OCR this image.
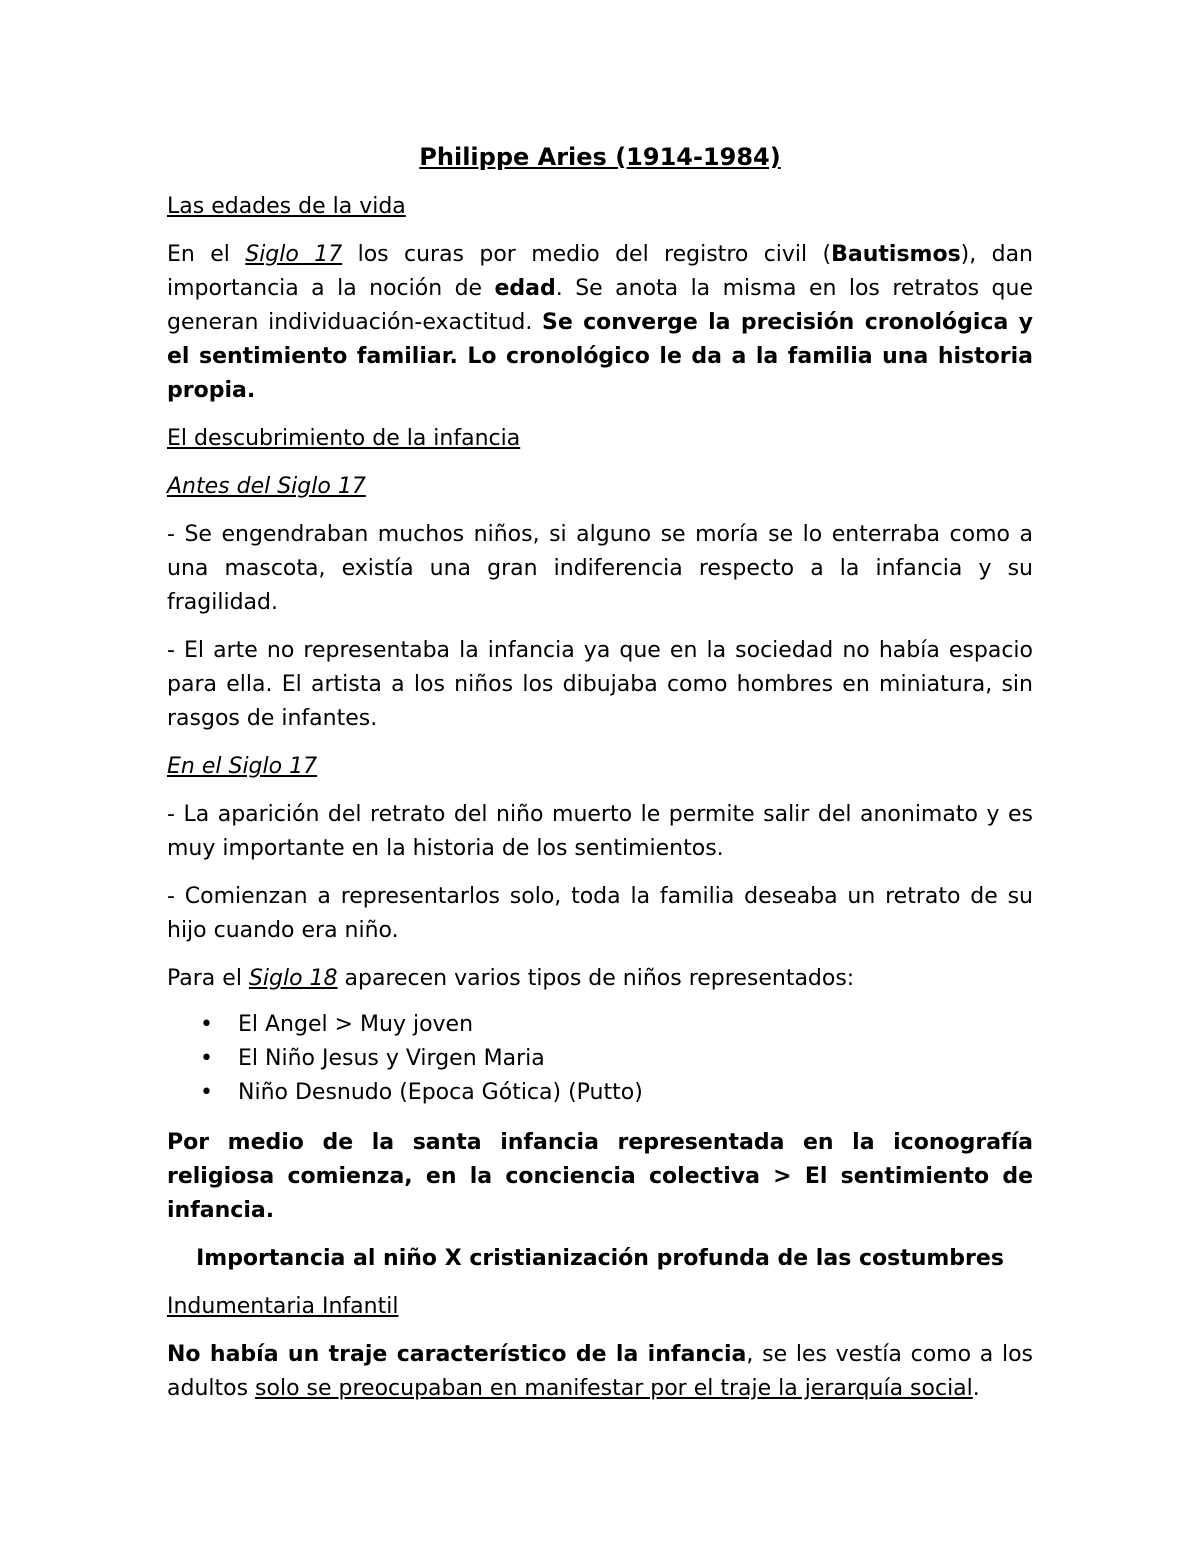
Philippe Aries (1914-1984)
Las edades de la vida

En el Siglo 17 los curas por medio del registro civil (Bautismos), dan importancia a la noción de edad. Se anota la misma en los retratos que generan individuación-exactitud. Se converge la precisión cronológica y el sentimiento familiar. Lo cronológico le da a la familia una historia propia.

El descubrimiento de la infancia
Antes del Siglo 17

- Se engendraban muchos niños, si alguno se moría se lo enterraba como a una mascota, existía una gran indiferencia respecto a la infancia y su fragilidad.

- El arte no representaba la infancia ya que en la sociedad no había espacio para ella. El artista a los niños los dibujaba como hombres en miniatura, sin rasgos de infantes.

En el Siglo 17

- La aparición del retrato del niño muerto le permite salir del anonimato y es muy importante en la historia de los sentimientos.

- Comienzan a representarlos solo, toda la familia deseaba un retrato de su hijo cuando era niño.

Para el Siglo 18 aparecen varios tipos de niños representados:

• El Angel > Muy joven
• El Niño Jesus y Virgen Maria
• Niño Desnudo (Epoca Gótica) (Putto)

Por medio de la santa infancia representada en la iconografía religiosa comienza, en la conciencia colectiva > El sentimiento de infancia.

Importancia al niño X cristianización profunda de las costumbres
Indumentaria Infantil

No había un traje característico de la infancia, se les vestía como a los adultos solo se preocupaban en manifestar por el traje la jerarquía social.
